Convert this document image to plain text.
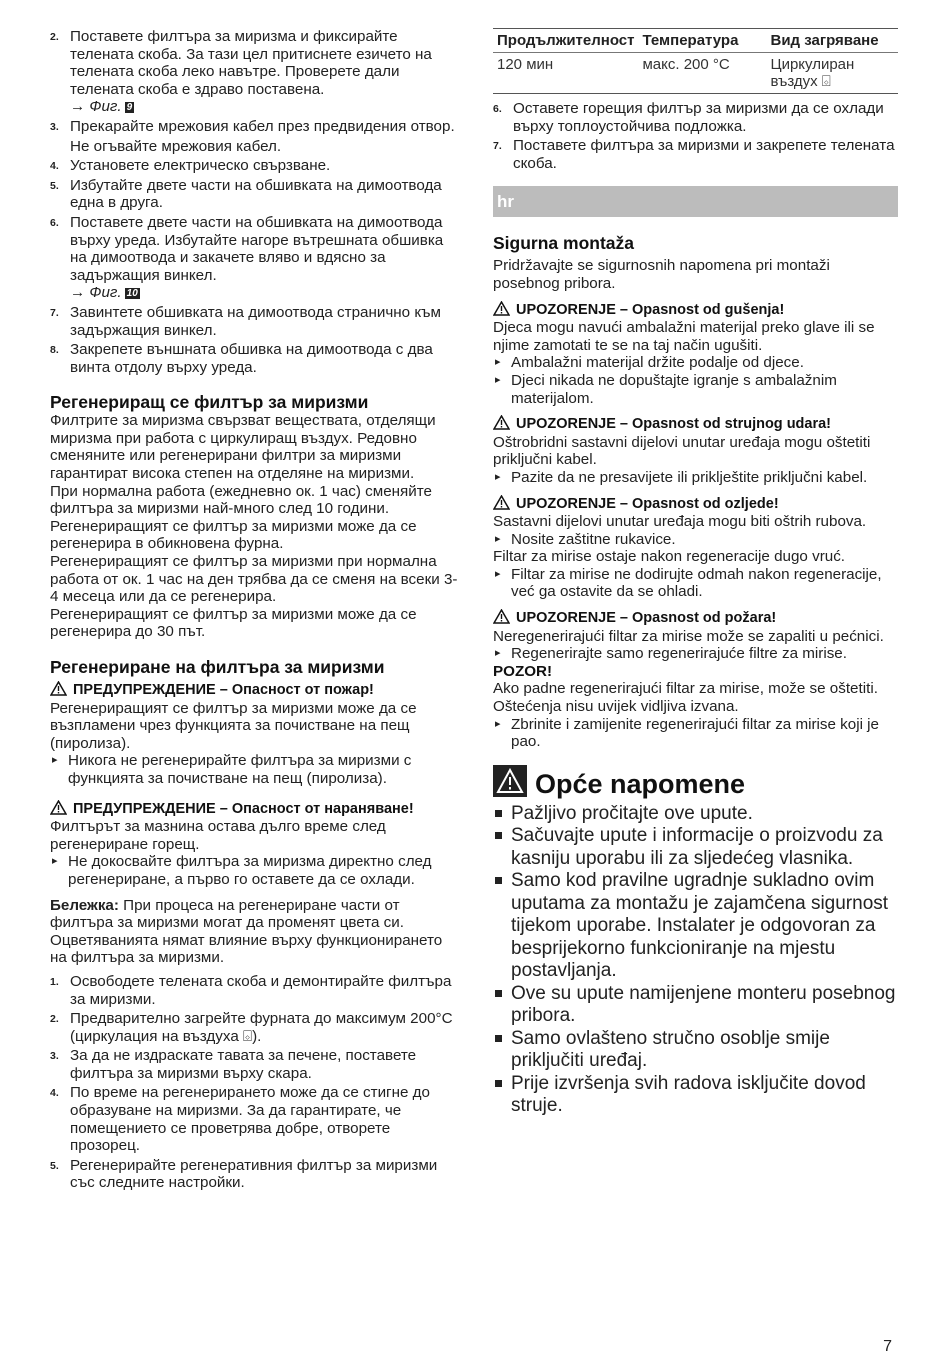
2. Поставете филтъра за миризма и фиксирайте телената скоба. За тази цел притиснете езичето на телената скоба леко навътре. Проверете дали телената скоба е здраво поставена.
→ Фиг. 9
3. Прекарайте мрежовия кабел през предвидения отвор.
Не огъвайте мрежовия кабел.
4. Установете електрическо свързване.
5. Избутайте двете части на обшивката на димоотвода една в друга.
6. Поставете двете части на обшивката на димоотвода върху уреда. Избутайте нагоре вътрешната обшивка на димоотвода и закачете вляво и вдясно за задържащия винкел.
→ Фиг. 10
7. Завинтете обшивката на димоотвода странично към задържащия винкел.
8. Закрепете външната обшивка на димоотвода с два винта отдолу върху уреда.
Регенериращ се филтър за миризми
Филтрите за миризма свързват веществата, отделящи миризма при работа с циркулиращ въздух. Редовно сменяните или регенерирани филтри за миризми гарантират висока степен на отделяне на миризми.
При нормална работа (ежедневно ок. 1 час) сменяйте филтъра за миризми най-много след 10 години.
Регенериращият се филтър за миризми може да се регенерира в обикновена фурна.
Регенериращият се филтър за миризми при нормална работа от ок. 1 час на ден трябва да се сменя на всеки 3-4 месеца или да се регенерира.
Регенериращият се филтър за миризми може да се регенерира до 30 път.
Регенериране на филтъра за миризми
ПРЕДУПРЕЖДЕНИЕ – Опасност от пожар!
Регенериращият се филтър за миризми може да се възпламени чрез функцията за почистване на пещ (пиролиза).
▸ Никога не регенерирайте филтъра за миризми с функцията за почистване на пещ (пиролиза).
ПРЕДУПРЕЖДЕНИЕ – Опасност от нараняване!
Филтърът за мазнина остава дълго време след регенериране горещ.
▸ Не докосвайте филтъра за миризма директно след регенериране, а първо го оставете да се охлади.
Бележка: При процеса на регенериране части от филтъра за миризми могат да променят цвета си. Оцветяванията нямат влияние върху функционирането на филтъра за миризми.
1. Освободете телената скоба и демонтирайте филтъра за миризми.
2. Предварително загрейте фурната до максимум 200°C (циркулация на въздуха ⌺).
3. За да не издраскате тавата за печене, поставете филтъра за миризми върху скара.
4. По време на регенерирането може да се стигне до образуване на миризми. За да гарантирате, че помещението се проветрява добре, отворете прозорец.
5. Регенерирайте регенеративния филтър за миризми със следните настройки.
Продължителност	Температура	Вид загряване
120 мин	макс. 200 °C	Циркулиран въздух ⌺
6. Оставете горещия филтър за миризми да се охлади върху топлоустойчива подложка.
7. Поставете филтъра за миризми и закрепете телената скоба.
hr
Sigurna montaža
Pridržavajte se sigurnosnih napomena pri montaži posebnog pribora.
UPOZORENJE – Opasnost od gušenja!
Djeca mogu navući ambalažni materijal preko glave ili se njime zamotati te se na taj način ugušiti.
▸ Ambalažni materijal držite podalje od djece.
▸ Djeci nikada ne dopuštajte igranje s ambalažnim materijalom.
UPOZORENJE – Opasnost od strujnog udara!
Oštrobridni sastavni dijelovi unutar uređaja mogu oštetiti priključni kabel.
▸ Pazite da ne presavijete ili priklještite priključni kabel.
UPOZORENJE – Opasnost od ozljede!
Sastavni dijelovi unutar uređaja mogu biti oštrih rubova.
▸ Nosite zaštitne rukavice.
Filtar za mirise ostaje nakon regeneracije dugo vruć.
▸ Filtar za mirise ne dodirujte odmah nakon regeneracije, već ga ostavite da se ohladi.
UPOZORENJE – Opasnost od požara!
Neregenerirajući filtar za mirise može se zapaliti u pećnici.
▸ Regenerirajte samo regenerirajuće filtre za mirise.
POZOR!
Ako padne regenerirajući filtar za mirise, može se oštetiti. Oštećenja nisu uvijek vidljiva izvana.
▸ Zbrinite i zamijenite regenerirajući filtar za mirise koji je pao.
Opće napomene
Pažljivo pročitajte ove upute.
Sačuvajte upute i informacije o proizvodu za kasniju uporabu ili za sljedećeg vlasnika.
Samo kod pravilne ugradnje sukladno ovim uputama za montažu je zajamčena sigurnost tijekom uporabe. Instalater je odgovoran za besprijekorno funkcioniranje na mjestu postavljanja.
Ove su upute namijenjene monteru posebnog pribora.
Samo ovlašteno stručno osoblje smije priključiti uređaj.
Prije izvršenja svih radova isključite dovod struje.
7
